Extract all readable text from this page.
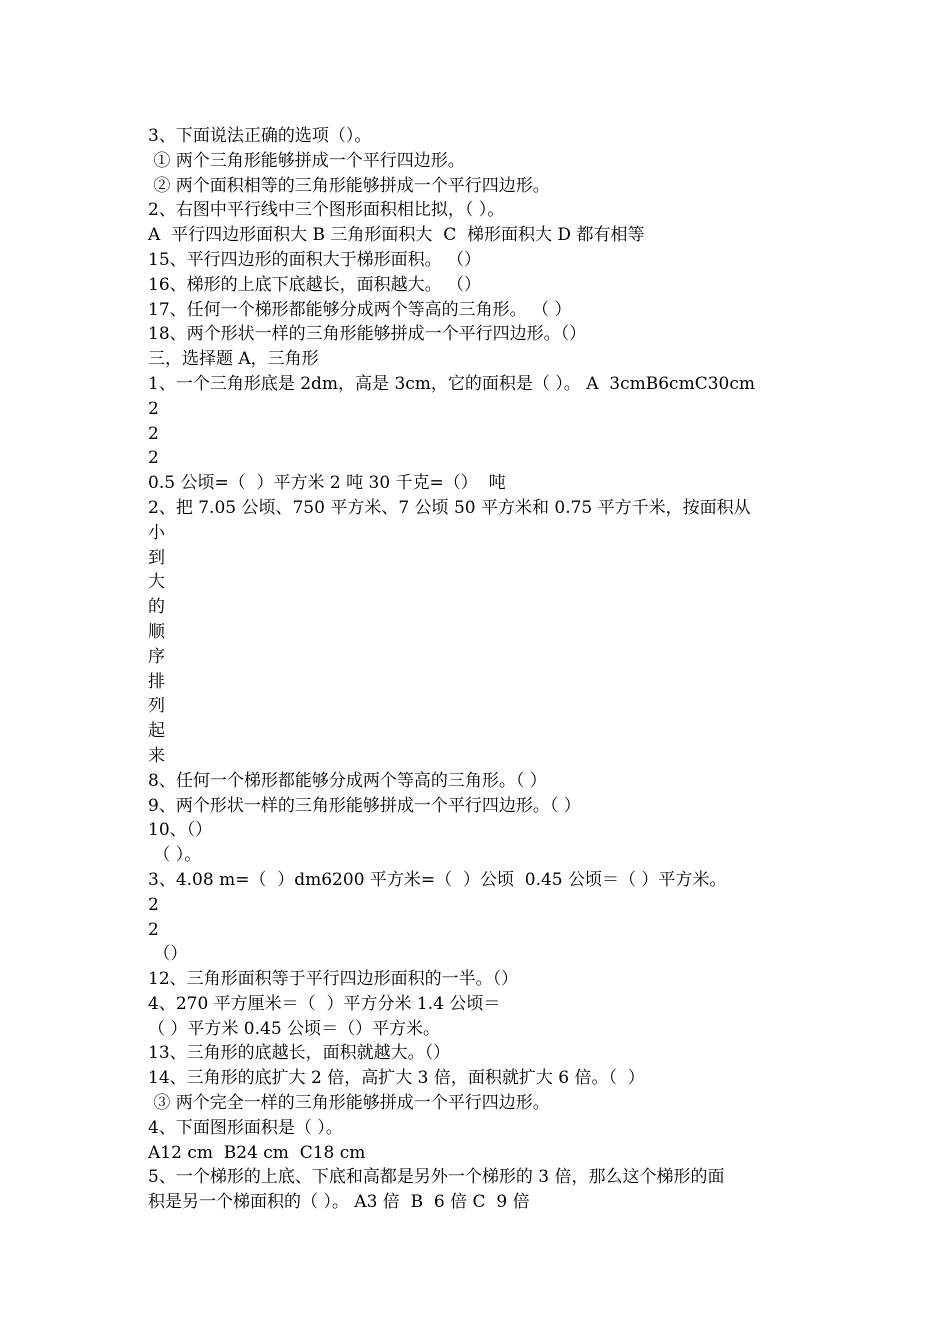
3、下面说法正确的选项（）。
① 两个三角形能够拼成一个平行四边形。
② 两个面积相等的三角形能够拼成一个平行四边形。
2、右图中平行线中三个图形面积相比拟，（ ）。
A  平行四边形面积大 B 三角形面积大  C  梯形面积大 D 都有相等
15、平行四边形的面积大于梯形面积。 （）
16、梯形的上底下底越长，面积越大。 （）
17、任何一个梯形都能够分成两个等高的三角形。 （ ）
18、两个形状一样的三角形能够拼成一个平行四边形。（）
三，选择题 A，三角形
1、一个三角形底是 2dm，高是 3cm，它的面积是（ ）。 A  3cmB6cmC30cm
2
2
2
0.5 公顷=（  ）平方米 2 吨 30 千克=（）  吨
2、把 7.05 公顷、750 平方米、7 公顷 50 平方米和 0.75 平方千米，按面积从
小
到
大
的
顺
序
排
列
起
来
8、任何一个梯形都能够分成两个等高的三角形。（ ）
9、两个形状一样的三角形能够拼成一个平行四边形。（ ）
10、（）
（ ）。
3、4.08 m=（  ）dm6200 平方米=（  ）公顷  0.45 公顷＝（ ）平方米。
2
2
（）
12、三角形面积等于平行四边形面积的一半。（）
4、270 平方厘米＝（  ）平方分米 1.4 公顷＝
（ ）平方米 0.45 公顷＝（）平方米。
13、三角形的底越长，面积就越大。（）
14、三角形的底扩大 2 倍，高扩大 3 倍，面积就扩大 6 倍。（  ）
③ 两个完全一样的三角形能够拼成一个平行四边形。
4、下面图形面积是（ ）。
A12 cm  B24 cm  C18 cm
5、一个梯形的上底、下底和高都是另外一个梯形的 3 倍，那么这个梯形的面
积是另一个梯面积的（ ）。 A3 倍  B  6 倍 C  9 倍
